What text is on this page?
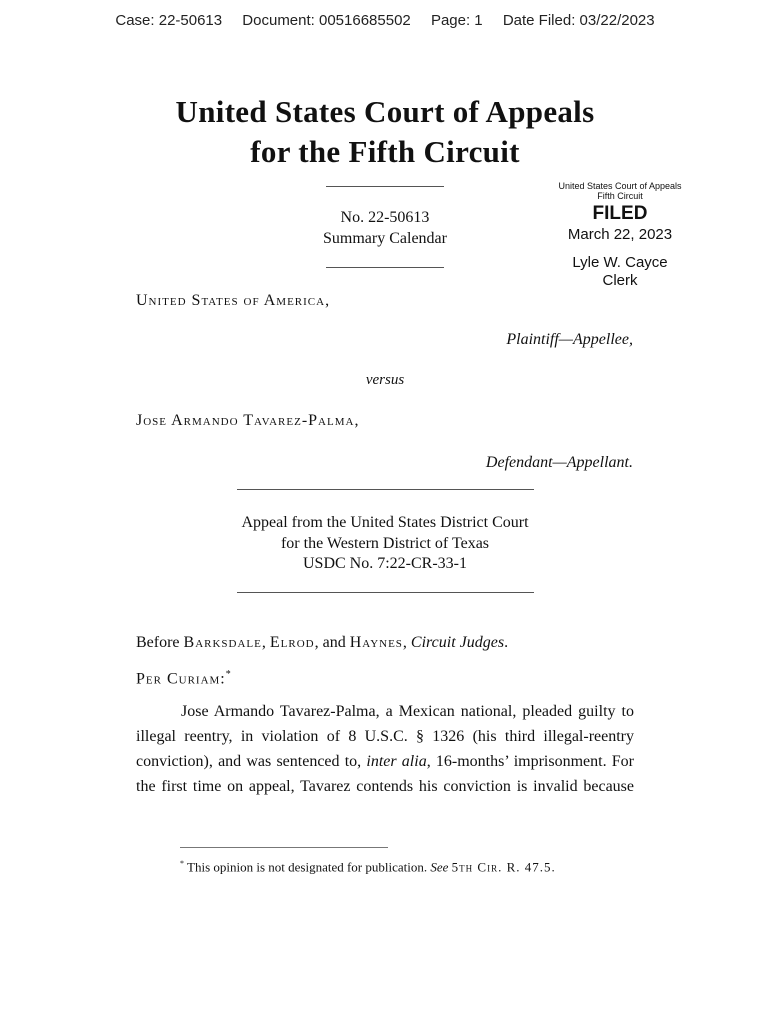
Case: 22-50613 Document: 00516685502 Page: 1 Date Filed: 03/22/2023
United States Court of Appeals
for the Fifth Circuit
No. 22-50613
Summary Calendar
United States Court of Appeals
Fifth Circuit
FILED
March 22, 2023
Lyle W. Cayce
Clerk
United States of America,
Plaintiff—Appellee,
versus
Jose Armando Tavarez-Palma,
Defendant—Appellant.
Appeal from the United States District Court
for the Western District of Texas
USDC No. 7:22-CR-33-1
Before Barksdale, Elrod, and Haynes, Circuit Judges.
Per Curiam:*
Jose Armando Tavarez-Palma, a Mexican national, pleaded guilty to
illegal reentry, in violation of 8 U.S.C. § 1326 (his third illegal-reentry
conviction), and was sentenced to, inter alia, 16-months’ imprisonment. For
the first time on appeal, Tavarez contends his conviction is invalid because
* This opinion is not designated for publication. See 5th Cir. R. 47.5.
